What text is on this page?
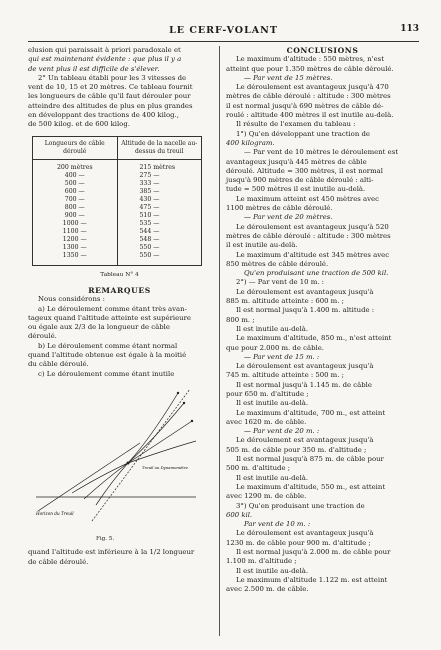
LE CERF-VOLANT	113

elusion qui paraissait à priori paradoxale et

qui est maintenant évidente : que plus il y a

de vent plus il est difficile de s'élever.

2° Un tableau établi pour les 3 vitesses de

vent de 10, 15 et 20 mètres. Ce tableau fournit

les longueurs de câble qu'il faut dérouler pour

atteindre des altitudes de plus en plus grandes

en développant des tractions de 400 kilog.,

de 500 kilog. et de 600 kilog.

Longueurs de câble déroulé	Altitude de la nacelle au-dessus du treuil

200 mètres	215 mètres
400 —	275 —
500 —	333 —
600 —	385 —
700 —	430 —
800 —	475 —
900 —	510 —
1000 —	535 —
1100 —	544 —
1200 —	548 —
1300 —	550 —
1350 —	550 —

Tableau N° 4
REMARQUES

Nous considérons :

a) Le déroulement comme étant très avan-

tageux quand l'altitude atteinte est supérieure

ou égale aux 2/3 de la longueur de câble

déroulé.

b) Le déroulement comme étant normal

quand l'altitude obtenue est égale à la moitié

du câble déroulé.

c) Le déroulement comme étant inutile

Horizon du Treuil
Treuil ou Dynamomètre
Fig. 5.

quand l'altitude est inférieure à la 1/2 longueur

de câble déroulé.

CONCLUSIONS

Le maximum d'altitude : 550 mètres, n'est

atteint que pour 1.350 mètres de câble déroulé.

— Par vent de 15 mètres.

Le déroulement est avantageux jusqu'à 470

mètres de câble déroulé : altitude : 300 mètres

il est normal jusqu'à 690 mètres de câble dé-

roulé : altitude 400 mètres il est inutile au-delà.

Il résulte de l'examen du tableau :

1°) Qu'en développant une traction de

400 kilogram.

— Par vent de 10 mètres le déroulement est

avantageux jusqu'à 445 mètres de câble

déroulé. Altitude = 300 mètres, il est normal

jusqu'à 900 mètres de câble déroulé : alti-

tude = 500 mètres il est inutile au-delà.

Le maximum atteint est 450 mètres avec

1100 mètres de câble déroulé.

— Par vent de 20 mètres.

Le déroulement est avantageux jusqu'à 520

mètres de câble déroulé : altitude : 300 mètres

il est inutile au-delà.

Le maximum d'altitude est 345 mètres avec

850 mètres de câble déroulé.

Qu'en produisant une traction de 500 kil.

2°) — Par vent de 10 m. :

Le déroulement est avantageux jusqu'à

885 m. altitude atteinte : 600 m. ;

Il est normal jusqu'à 1.400 m. altitude :

800 m. ;

Il est inutile au-delà.

Le maximum d'altitude, 850 m., n'est atteint

que pour 2.000 m. de câble.

— Par vent de 15 m. :

Le déroulement est avantageux jusqu'à

745 m. altitude atteinte : 500 m. ;

Il est normal jusqu'à 1.145 m. de câble

pour 650 m. d'altitude ;

Il est inutile au-delà.

Le maximum d'altitude, 700 m., est atteint

avec 1620 m. de câble.

— Par vent de 20 m. :

Le déroulement est avantageux jusqu'à

505 m. de câble pour 350 m. d'altitude ;

Il est normal jusqu'à 875 m. de câble pour

500 m. d'altitude ;

Il est inutile au-delà.

Le maximum d'altitude, 550 m., est atteint

avec 1290 m. de câble.

3°) Qu'en produisant une traction de

600 kil.

Par vent de 10 m. :

Le déroulement est avantageux jusqu'à

1230 m. de câble pour 900 m. d'altitude ;

Il est normal jusqu'à 2.000 m. de câble pour

1.100 m. d'altitude ;

Il est inutile au-delà.

Le maximum d'altitude 1.122 m. est atteint

avec 2.500 m. de câble.
